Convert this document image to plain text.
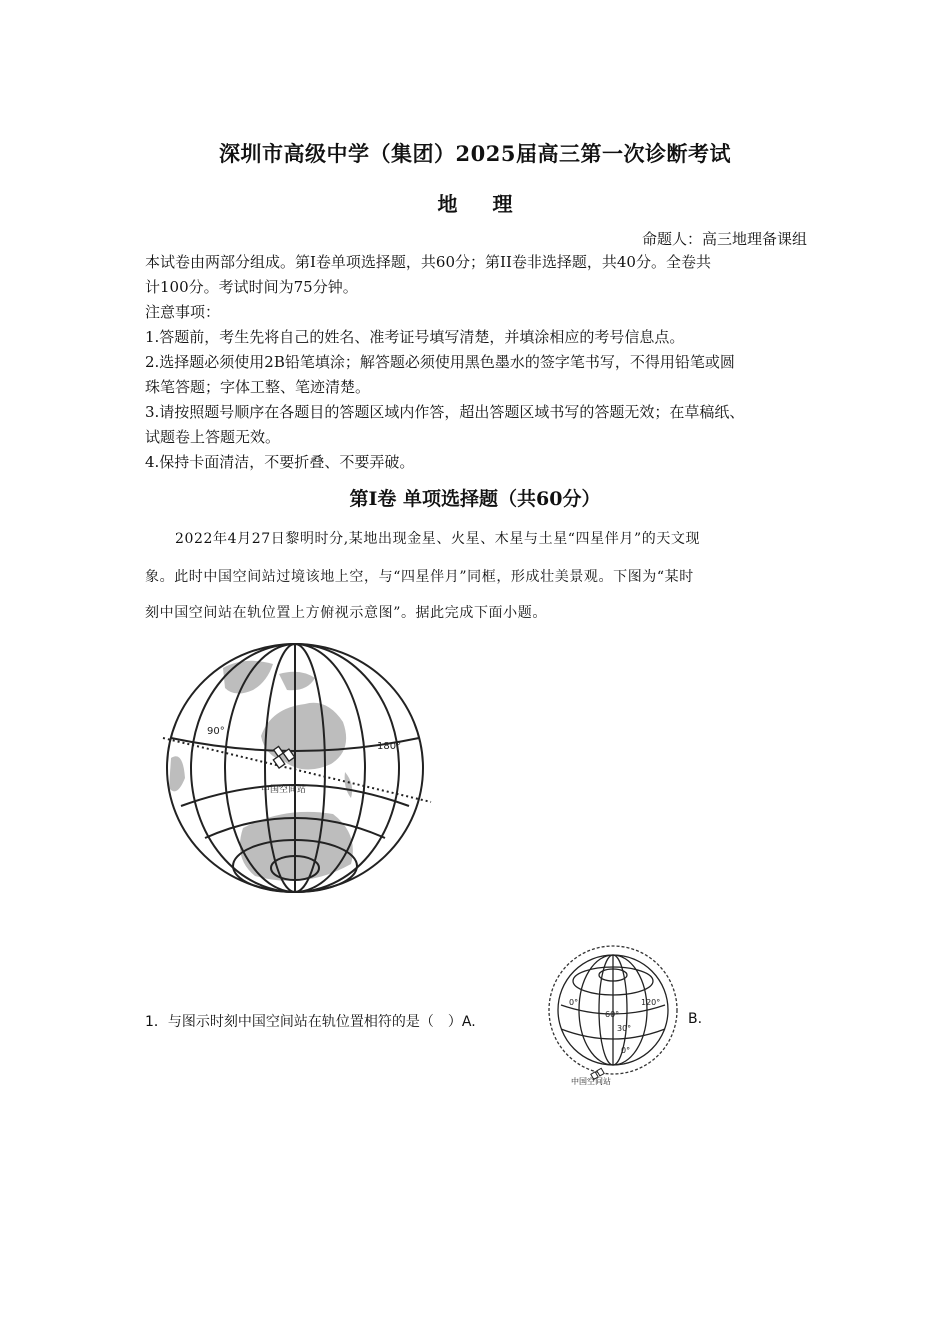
深圳市高级中学（集团）2025届高三第一次诊断考试
地 理
命题人：高三地理备课组
本试卷由两部分组成。第Ⅰ卷单项选择题，共60分；第II卷非选择题，共40分。全卷共
计100分。考试时间为75分钟。
注意事项：
1.答题前，考生先将自己的姓名、准考证号填写清楚，并填涂相应的考号信息点。
2.选择题必须使用2B铅笔填涂；解答题必须使用黑色墨水的签字笔书写，不得用铅笔或圆
珠笔答题；字体工整、笔迹清楚。
3.请按照题号顺序在各题目的答题区域内作答，超出答题区域书写的答题无效；在草稿纸、
试题卷上答题无效。
4.保持卡面清洁，不要折叠、不要弄破。
第Ⅰ卷 单项选择题（共60分）
2022年4月27日黎明时分,某地出现金星、火星、木星与土星“四星伴月”的天文现
象。此时中国空间站过境该地上空，与“四星伴月”同框，形成壮美景观。下图为“某时
刻中国空间站在轨位置上方俯视示意图”。据此完成下面小题。
90°
180°
中国空间站
1．与图示时刻中国空间站在轨位置相符的是（　）A.
0°	120°
60°
30°
0°
中国空间站
B.
